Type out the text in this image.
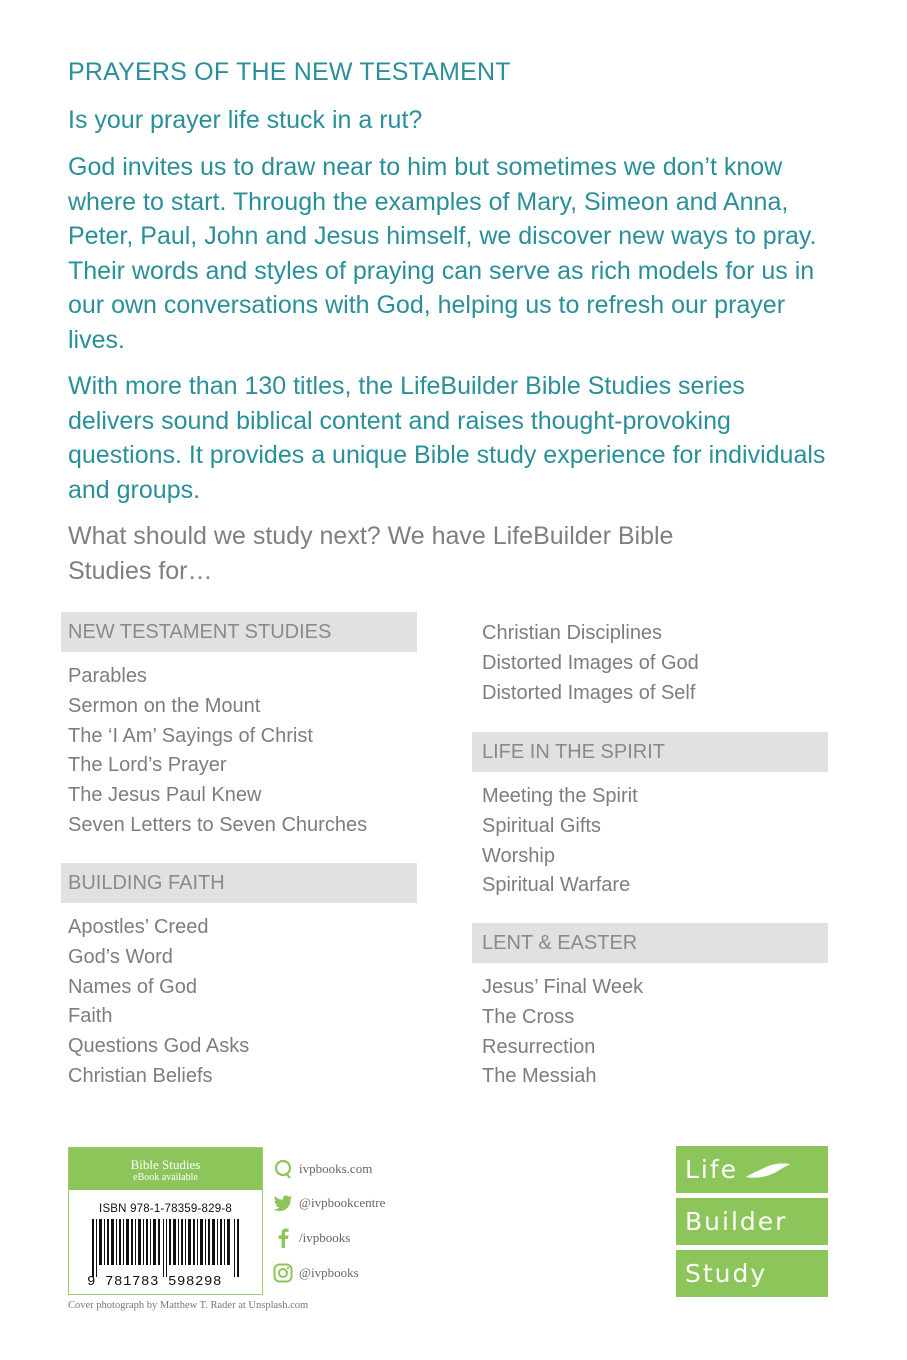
PRAYERS OF THE NEW TESTAMENT

Is your prayer life stuck in a rut?

God invites us to draw near to him but sometimes we don’t know where to start. Through the examples of Mary, Simeon and Anna, Peter, Paul, John and Jesus himself, we discover new ways to pray. Their words and styles of praying can serve as rich models for us in our own conversations with God, helping us to refresh our prayer lives.

With more than 130 titles, the LifeBuilder Bible Studies series delivers sound biblical content and raises thought-provoking questions. It provides a unique Bible study experience for individuals and groups.

What should we study next? We have LifeBuilder Bible Studies for…

NEW TESTAMENT STUDIES
Parables
Sermon on the Mount
The ‘I Am’ Sayings of Christ
The Lord’s Prayer
The Jesus Paul Knew
Seven Letters to Seven Churches
BUILDING FAITH
Apostles’ Creed
God’s Word
Names of God
Faith
Questions God Asks
Christian Beliefs
Christian Disciplines
Distorted Images of God
Distorted Images of Self
LIFE IN THE SPIRIT
Meeting the Spirit
Spiritual Gifts
Worship
Spiritual Warfare
LENT & EASTER
Jesus’ Final Week
The Cross
Resurrection
The Messiah
Bible Studies
eBook available
ISBN 978-1-78359-829-8
9 781783 598298
ivpbooks.com
@ivpbookcentre
/ivpbooks
@ivpbooks
Cover photograph by Matthew T. Rader at Unsplash.com
Life
Builder
Study
